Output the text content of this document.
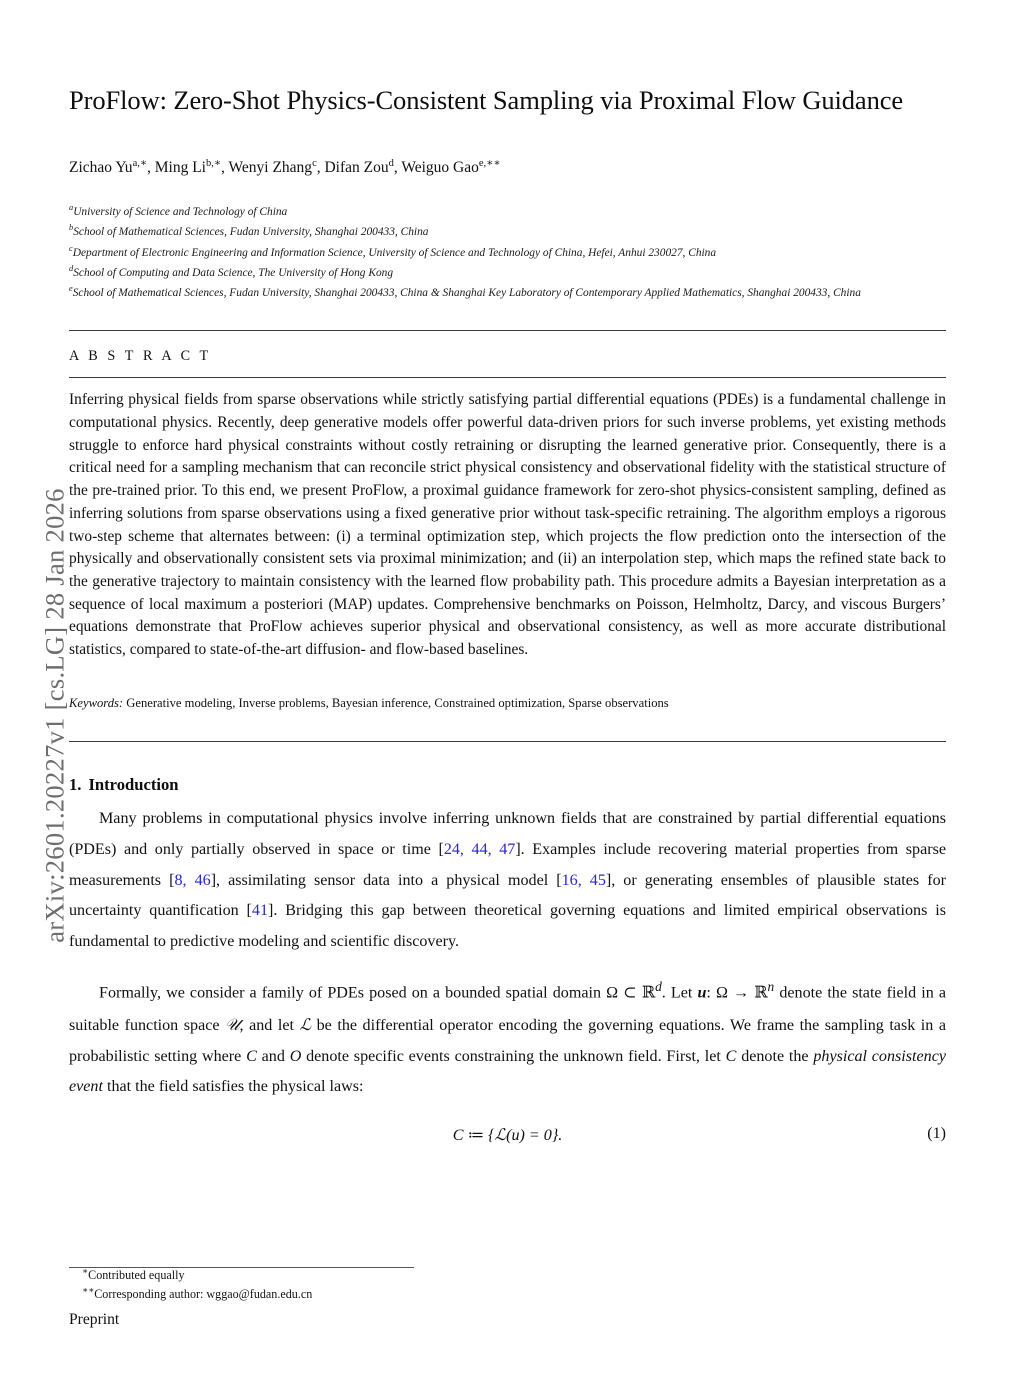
arXiv:2601.20227v1 [cs.LG] 28 Jan 2026
ProFlow: Zero-Shot Physics-Consistent Sampling via Proximal Flow Guidance
Zichao $Yu^{a,∗}$, Ming $Li^{b,∗}$, Wenyi Zhang$^c$, Difan Zou$^d$, Weiguo Gao$^{e,∗∗}$
$^a$University of Science and Technology of China
$^b$School of Mathematical Sciences, Fudan University, Shanghai 200433, China
$^c$Department of Electronic Engineering and Information Science, University of Science and Technology of China, Hefei, Anhui 230027, China
$^d$School of Computing and Data Science, The University of Hong Kong
$^e$School of Mathematical Sciences, Fudan University, Shanghai 200433, China & Shanghai Key Laboratory of Contemporary Applied Mathematics, Shanghai 200433, China
A B S T R A C T
Inferring physical fields from sparse observations while strictly satisfying partial differential equations (PDEs) is a fundamental challenge in computational physics. Recently, deep generative models offer powerful data-driven priors for such inverse problems, yet existing methods struggle to enforce hard physical constraints without costly retraining or disrupting the learned generative prior. Consequently, there is a critical need for a sampling mechanism that can reconcile strict physical consistency and observational fidelity with the statistical structure of the pre-trained prior. To this end, we present ProFlow, a proximal guidance framework for zero-shot physics-consistent sampling, defined as inferring solutions from sparse observations using a fixed generative prior without task-specific retraining. The algorithm employs a rigorous two-step scheme that alternates between: (i) a terminal optimization step, which projects the flow prediction onto the intersection of the physically and observationally consistent sets via proximal minimization; and (ii) an interpolation step, which maps the refined state back to the generative trajectory to maintain consistency with the learned flow probability path. This procedure admits a Bayesian interpretation as a sequence of local maximum a posteriori (MAP) updates. Comprehensive benchmarks on Poisson, Helmholtz, Darcy, and viscous Burgers’ equations demonstrate that ProFlow achieves superior physical and observational consistency, as well as more accurate distributional statistics, compared to state-of-the-art diffusion- and flow-based baselines.
Keywords: Generative modeling, Inverse problems, Bayesian inference, Constrained optimization, Sparse observations
1. Introduction

Many problems in computational physics involve inferring unknown fields that are constrained by partial differential equations (PDEs) and only partially observed in space or time [24, 44, 47]. Examples include recovering material properties from sparse measurements [8, 46], assimilating sensor data into a physical model [16, 45], or generating ensembles of plausible states for uncertainty quantification [41]. Bridging this gap between theoretical governing equations and limited empirical observations is fundamental to predictive modeling and scientific discovery.

Formally, we consider a family of PDEs posed on a bounded spatial domain Ω ⊂ ℝ$^d$. Let u: Ω → ℝ$^n$ denote the state field in a suitable function space 𝒰, and let ℒ be the differential operator encoding the governing equations. We frame the sampling task in a probabilistic setting where C and O denote specific events constraining the unknown field. First, let C denote the physical consistency event that the field satisfies the physical laws:

C ≔ {ℒ(u) = 0}.	(1)
∗Contributed equally
∗∗Corresponding author: wggao@fudan.edu.cn
Preprint
